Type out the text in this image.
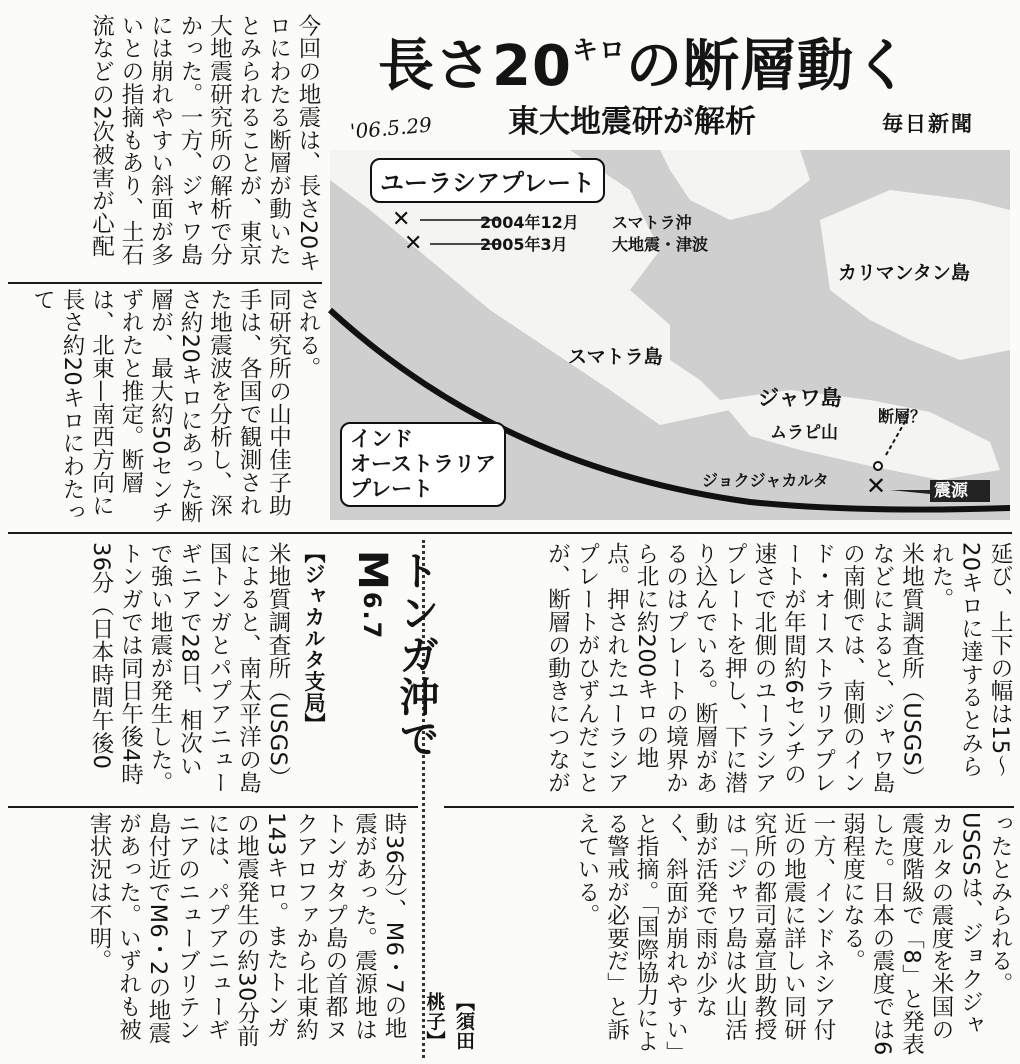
長さ$20^{キロ}$の断層動く
東大地震研が解析	毎日新聞
'06.5.29
今回の地震は、長さ20キロにわたる断層が動いたとみられることが、東京大地震研究所の解析で分かった。一方、ジャワ島には崩れやすい斜面が多いとの指摘もあり、土石流などの2次被害が心配
される。
同研究所の山中佳子助手は、各国で観測された地震波を分析し、深さ約20キロにあった断層が、最大約50センチずれたと推定。断層は、北東—南西方向に長さ約20キロにわたって
✕
✕
✕
ユーラシアプレート
2004年12月
2005年3月
スマトラ沖
大地震・津波
カリマンタン島
スマトラ島
ジャワ島
ムラピ山
断層？
ジョクジャカルタ
震源
インド
オーストラリア
プレート
延び、上下の幅は15〜20キロに達するとみられた。
米地質調査所（USGS）などによると、ジャワ島の南側では、南側のインド・オーストラリアプレートが年間約6センチの速さで北側のユーラシアプレートを押し、下に潜り込んでいる。断層があるのはプレートの境界から北に約200キロの地点。押されたユーラシアプレートがひずんだことが、断層の動きにつなが
ったとみられる。
USGSは、ジョクジャカルタの震度を米国の震度階級で「8」と発表した。日本の震度では6弱程度になる。
一方、インドネシア付近の地震に詳しい同研究所の都司嘉宣助教授は「ジャワ島は火山活動が活発で雨が少なく、斜面が崩れやすい」と指摘。「国際協力による警戒が必要だ」と訴えている。
【須田桃子】
トンガ沖でM6.7
【ジャカルタ支局】
米地質調査所（USGS）によると、南太平洋の島国トンガとパプアニューギニアで28日、相次いで強い地震が発生した。
トンガでは同日午後4時36分（日本時間午後0
時36分）、M6・7の地震があった。震源地はトンガタプ島の首都ヌクアロファから北東約143キロ。またトンガの地震発生の約30分前には、パプアニューギニアのニューブリテン島付近でM6・2の地震があった。いずれも被害状況は不明。
